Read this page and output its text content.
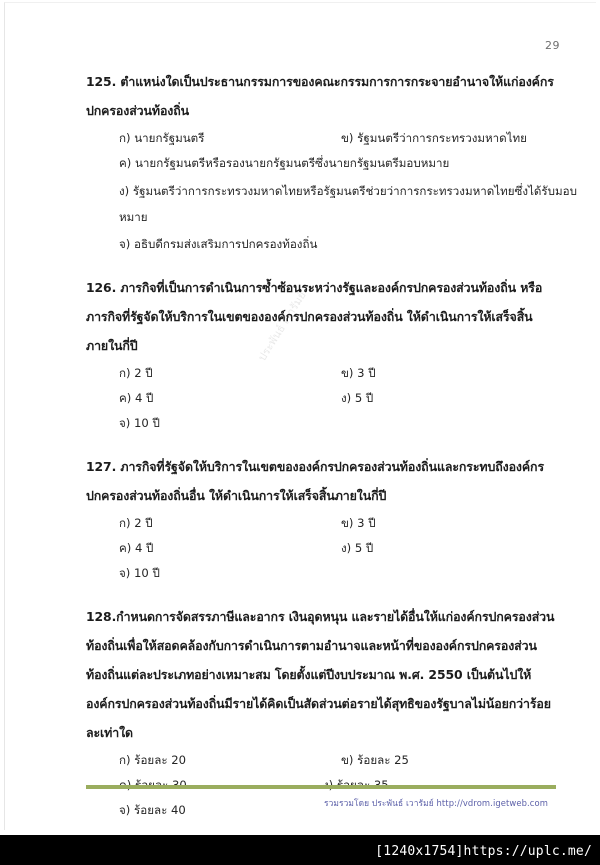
29
125. ตำแหน่งใดเป็นประธานกรรมการของคณะกรรมการการกระจายอำนาจให้แก่องค์กรปกครองส่วนท้องถิ่น
ก) นายกรัฐมนตรี	ข) รัฐมนตรีว่าการกระทรวงมหาดไทย
ค) นายกรัฐมนตรีหรือรองนายกรัฐมนตรีซึ่งนายกรัฐมนตรีมอบหมาย
ง) รัฐมนตรีว่าการกระทรวงมหาดไทยหรือรัฐมนตรีช่วยว่าการกระทรวงมหาดไทยซึ่งได้รับมอบหมาย
จ) อธิบดีกรมส่งเสริมการปกครองท้องถิ่น
126. ภารกิจที่เป็นการดำเนินการซ้ำซ้อนระหว่างรัฐและองค์กรปกครองส่วนท้องถิ่น หรือภารกิจที่รัฐจัดให้บริการในเขตขององค์กรปกครองส่วนท้องถิ่น ให้ดำเนินการให้เสร็จสิ้นภายในกี่ปี
ก) 2 ปี	ข) 3 ปี
ค) 4 ปี	ง) 5 ปี
จ) 10 ปี
127. ภารกิจที่รัฐจัดให้บริการในเขตขององค์กรปกครองส่วนท้องถิ่นและกระทบถึงองค์กรปกครองส่วนท้องถิ่นอื่น ให้ดำเนินการให้เสร็จสิ้นภายในกี่ปี
ก) 2 ปี	ข) 3 ปี
ค) 4 ปี	ง) 5 ปี
จ) 10 ปี
128.กำหนดการจัดสรรภาษีและอากร เงินอุดหนุน และรายได้อื่นให้แก่องค์กรปกครองส่วนท้องถิ่นเพื่อให้สอดคล้องกับการดำเนินการตามอำนาจและหน้าที่ขององค์กรปกครองส่วนท้องถิ่นแต่ละประเภทอย่างเหมาะสม โดยตั้งแต่ปีงบประมาณ พ.ศ. 2550 เป็นต้นไปให้องค์กรปกครองส่วนท้องถิ่นมีรายได้คิดเป็นสัดส่วนต่อรายได้สุทธิของรัฐบาลไม่น้อยกว่าร้อยละเท่าใด
ก) ร้อยละ 20	ข) ร้อยละ 25
จ) ร้อยละ 40
ประพันธ์ เวารัมย์
รวมรวมโดย ประพันธ์ เวารัมย์ http://vdrom.igetweb.com
[1240x1754]https://uplc.me/
